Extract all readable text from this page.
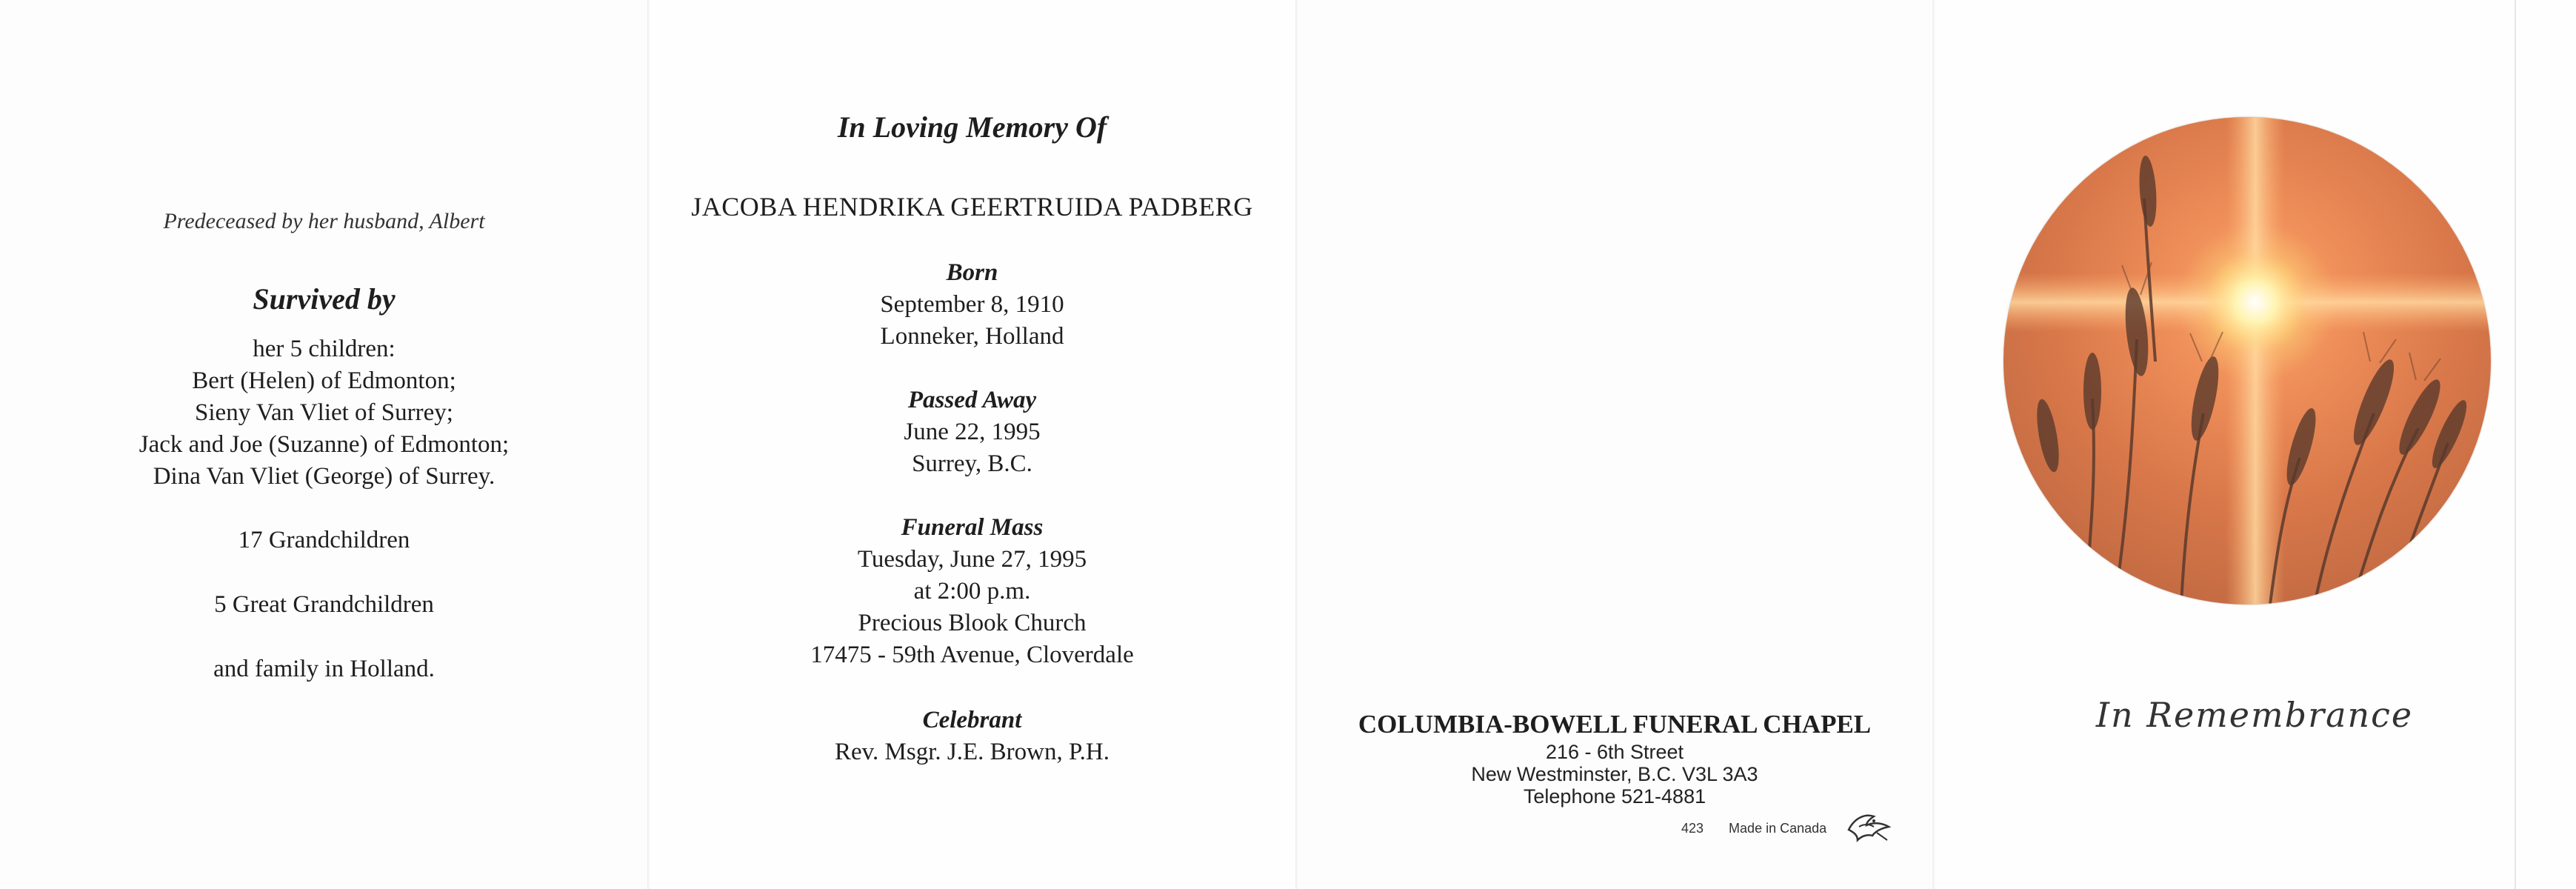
Predeceased by her husband, Albert
Survived by
her 5 children:
Bert (Helen) of Edmonton;
Sieny Van Vliet of Surrey;
Jack and Joe (Suzanne) of Edmonton;
Dina Van Vliet (George) of Surrey.
17 Grandchildren
5 Great Grandchildren
and family in Holland.
In Loving Memory Of
JACOBA HENDRIKA GEERTRUIDA PADBERG
Born
September 8, 1910
Lonneker, Holland
Passed Away
June 22, 1995
Surrey, B.C.
Funeral Mass
Tuesday, June 27, 1995
at 2:00 p.m.
Precious Blook Church
17475 - 59th Avenue, Cloverdale
Celebrant
Rev. Msgr. J.E. Brown, P.H.
COLUMBIA-BOWELL FUNERAL CHAPEL
216 - 6th Street
New Westminster, B.C. V3L 3A3
Telephone 521-4881
423 Made in Canada
In Remembrance
